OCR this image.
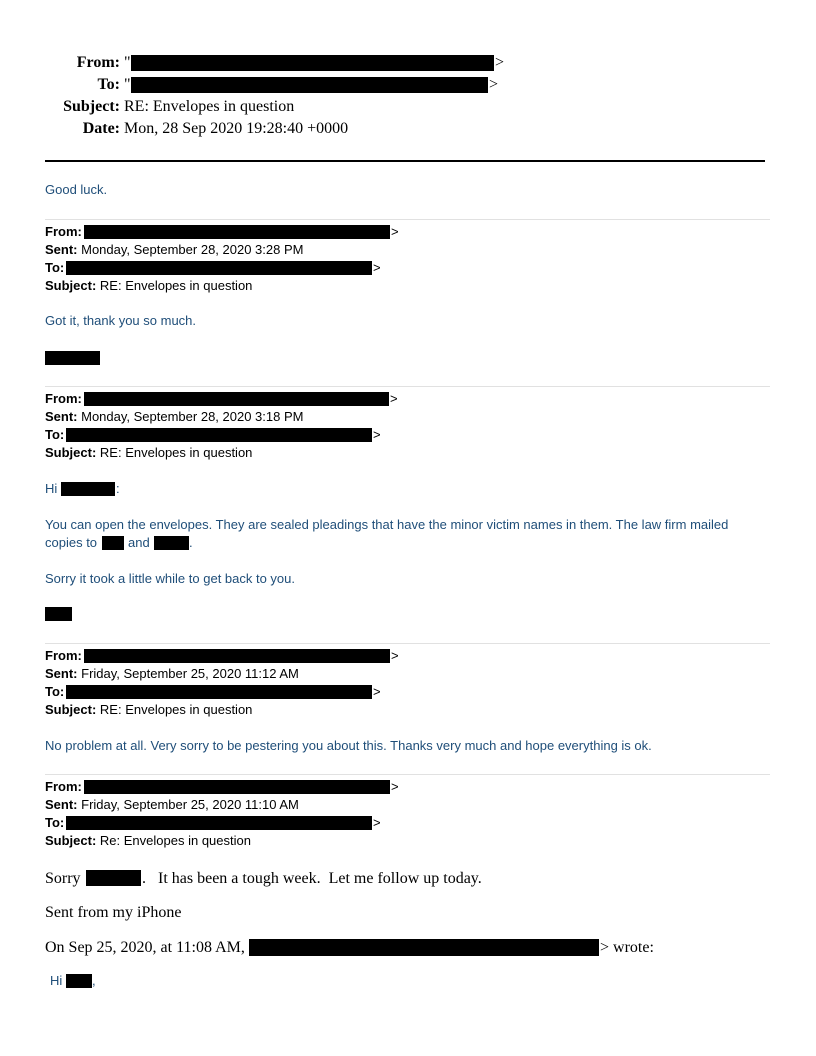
From: "	>
To: "	>
Subject: RE: Envelopes in question
Date: Mon, 28 Sep 2020 19:28:40 +0000
Good luck.
From:	>
Sent: Monday, September 28, 2020 3:28 PM
To:	>
Subject: RE: Envelopes in question
Got it, thank you so much.
From:	>
Sent: Monday, September 28, 2020 3:18 PM
To:	>
Subject: RE: Envelopes in question
Hi	:
You can open the envelopes. They are sealed pleadings that have the minor victim names in them. The law firm mailed
copies to and	.
Sorry it took a little while to get back to you.
From:	>
Sent: Friday, September 25, 2020 11:12 AM
To:	>
Subject: RE: Envelopes in question
No problem at all. Very sorry to be pestering you about this. Thanks very much and hope everything is ok.
From:	>
Sent: Friday, September 25, 2020 11:10 AM
To:	>
Subject: Re: Envelopes in question
Sorry	.   It has been a tough week.  Let me follow up today.
Sent from my iPhone
On Sep 25, 2020, at 11:08 AM,	> wrote:
Hi ,
